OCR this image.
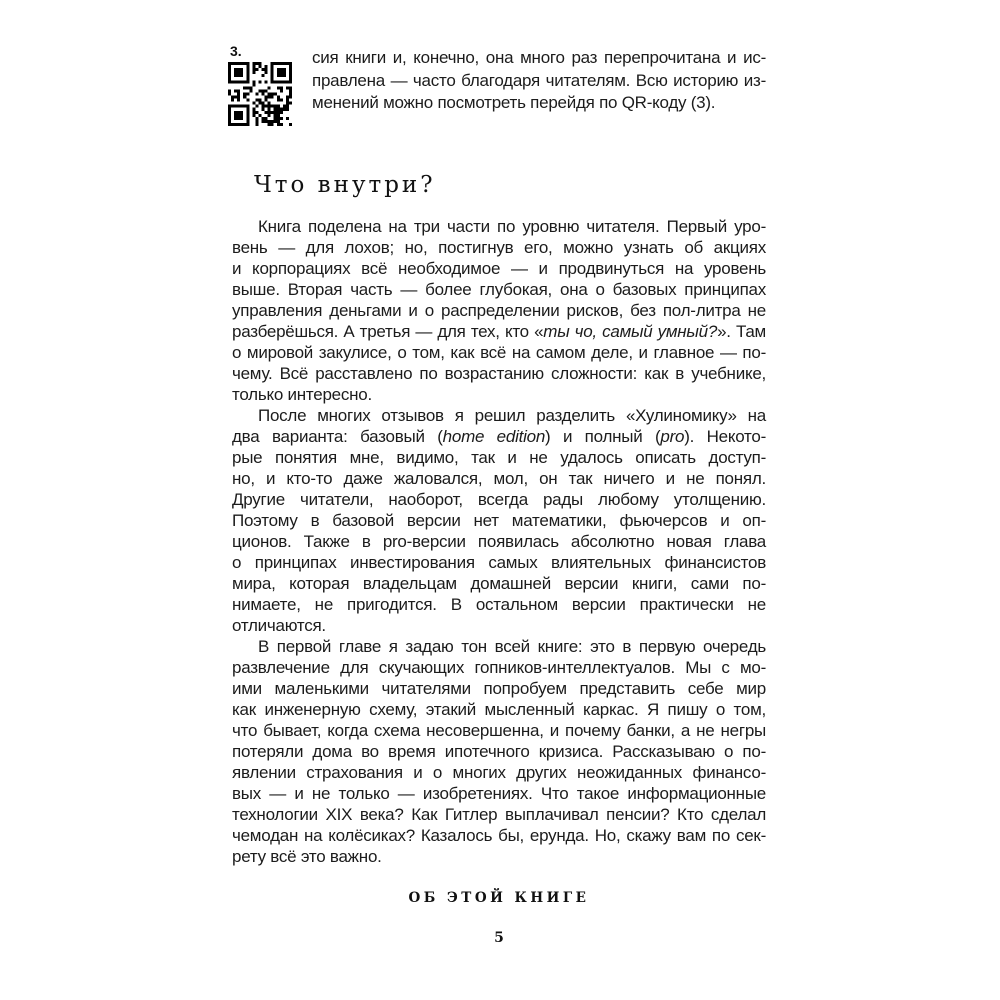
3.	сия книги и, конечно, она много раз перепрочитана и ис-
правлена — часто благодаря читателям. Всю историю из-
менений можно посмотреть перейдя по QR-коду (3).
Что внутри?
Книга поделена на три части по уровню читателя. Первый уро-
вень — для лохов; но, постигнув его, можно узнать об акциях
и корпорациях всё необходимое — и продвинуться на уровень
выше. Вторая часть — более глубокая, она о базовых принципах
управления деньгами и о распределении рисков, без пол-литра не
разберёшься. А третья — для тех, кто «ты чо, самый умный?». Там
о мировой закулисе, о том, как всё на самом деле, и главное — по-
чему. Всё расставлено по возрастанию сложности: как в учебнике,
только интересно.
После многих отзывов я решил разделить «Хулиномику» на
два варианта: базовый (home edition) и полный (pro). Некото-
рые понятия мне, видимо, так и не удалось описать доступ-
но, и кто-то даже жаловался, мол, он так ничего и не понял.
Другие читатели, наоборот, всегда рады любому утолщению.
Поэтому в базовой версии нет математики, фьючерсов и оп-
ционов. Также в pro-версии появилась абсолютно новая глава
о принципах инвестирования самых влиятельных финансистов
мира, которая владельцам домашней версии книги, сами по-
нимаете, не пригодится. В остальном версии практически не
отличаются.
В первой главе я задаю тон всей книге: это в первую очередь
развлечение для скучающих гопников-интеллектуалов. Мы с мо-
ими маленькими читателями попробуем представить себе мир
как инженерную схему, этакий мысленный каркас. Я пишу о том,
что бывает, когда схема несовершенна, и почему банки, а не негры
потеряли дома во время ипотечного кризиса. Рассказываю о по-
явлении страхования и о многих других неожиданных финансо-
вых — и не только — изобретениях. Что такое информационные
технологии XIX века? Как Гитлер выплачивал пенсии? Кто сделал
чемодан на колёсиках? Казалось бы, ерунда. Но, скажу вам по сек-
рету всё это важно.
ОБ ЭТОЙ КНИГЕ
5
